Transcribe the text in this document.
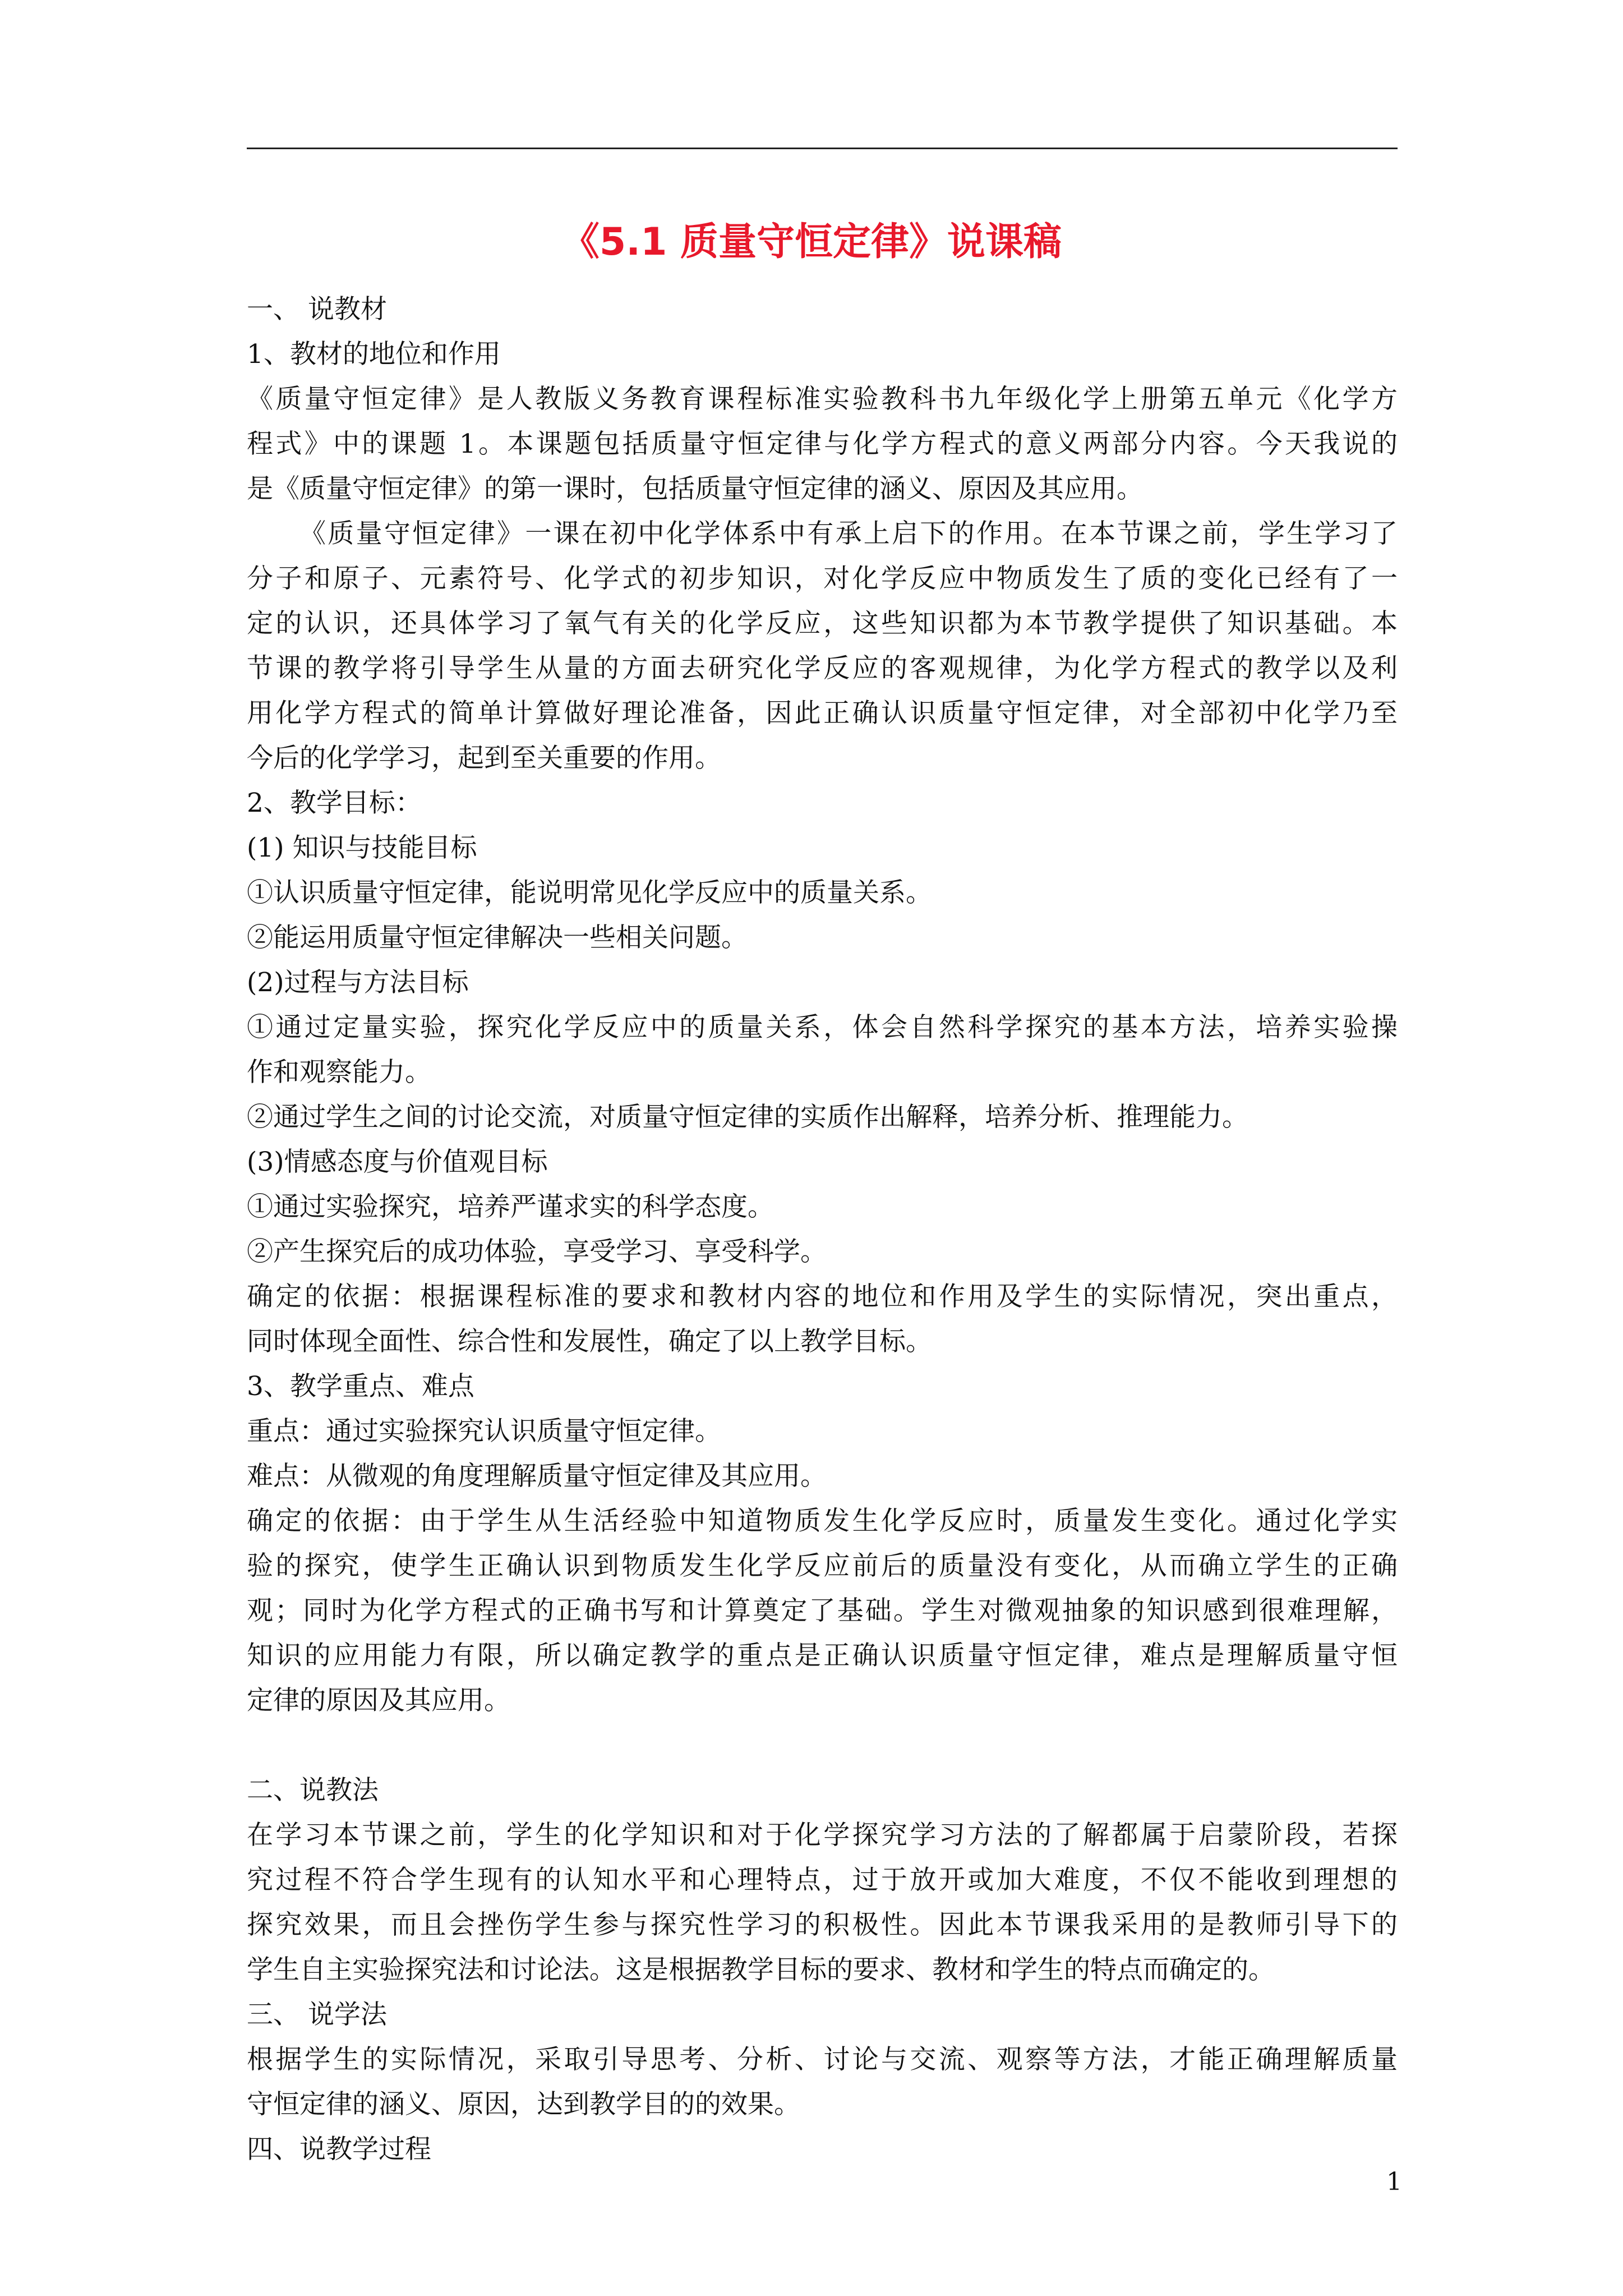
《5.1 质量守恒定律》说课稿
一、 说教材
1、教材的地位和作用
《质量守恒定律》是人教版义务教育课程标准实验教科书九年级化学上册第五单元《化学方
程式》中的课题 1。本课题包括质量守恒定律与化学方程式的意义两部分内容。今天我说的
是《质量守恒定律》的第一课时，包括质量守恒定律的涵义、原因及其应用。
《质量守恒定律》一课在初中化学体系中有承上启下的作用。在本节课之前，学生学习了
分子和原子、元素符号、化学式的初步知识，对化学反应中物质发生了质的变化已经有了一
定的认识，还具体学习了氧气有关的化学反应，这些知识都为本节教学提供了知识基础。本
节课的教学将引导学生从量的方面去研究化学反应的客观规律，为化学方程式的教学以及利
用化学方程式的简单计算做好理论准备，因此正确认识质量守恒定律，对全部初中化学乃至
今后的化学学习，起到至关重要的作用。
2、教学目标：
(1) 知识与技能目标
①认识质量守恒定律，能说明常见化学反应中的质量关系。
②能运用质量守恒定律解决一些相关问题。
(2)过程与方法目标
①通过定量实验，探究化学反应中的质量关系，体会自然科学探究的基本方法，培养实验操
作和观察能力。
②通过学生之间的讨论交流，对质量守恒定律的实质作出解释，培养分析、推理能力。
(3)情感态度与价值观目标
①通过实验探究，培养严谨求实的科学态度。
②产生探究后的成功体验，享受学习、享受科学。
确定的依据：根据课程标准的要求和教材内容的地位和作用及学生的实际情况，突出重点，
同时体现全面性、综合性和发展性，确定了以上教学目标。
3、教学重点、难点
重点：通过实验探究认识质量守恒定律。
难点：从微观的角度理解质量守恒定律及其应用。
确定的依据：由于学生从生活经验中知道物质发生化学反应时，质量发生变化。通过化学实
验的探究，使学生正确认识到物质发生化学反应前后的质量没有变化，从而确立学生的正确
观；同时为化学方程式的正确书写和计算奠定了基础。学生对微观抽象的知识感到很难理解，
知识的应用能力有限，所以确定教学的重点是正确认识质量守恒定律，难点是理解质量守恒
定律的原因及其应用。
二、说教法
在学习本节课之前，学生的化学知识和对于化学探究学习方法的了解都属于启蒙阶段，若探
究过程不符合学生现有的认知水平和心理特点，过于放开或加大难度，不仅不能收到理想的
探究效果，而且会挫伤学生参与探究性学习的积极性。因此本节课我采用的是教师引导下的
学生自主实验探究法和讨论法。这是根据教学目标的要求、教材和学生的特点而确定的。
三、 说学法
根据学生的实际情况，采取引导思考、分析、讨论与交流、观察等方法，才能正确理解质量
守恒定律的涵义、原因，达到教学目的的效果。
四、说教学过程
1
